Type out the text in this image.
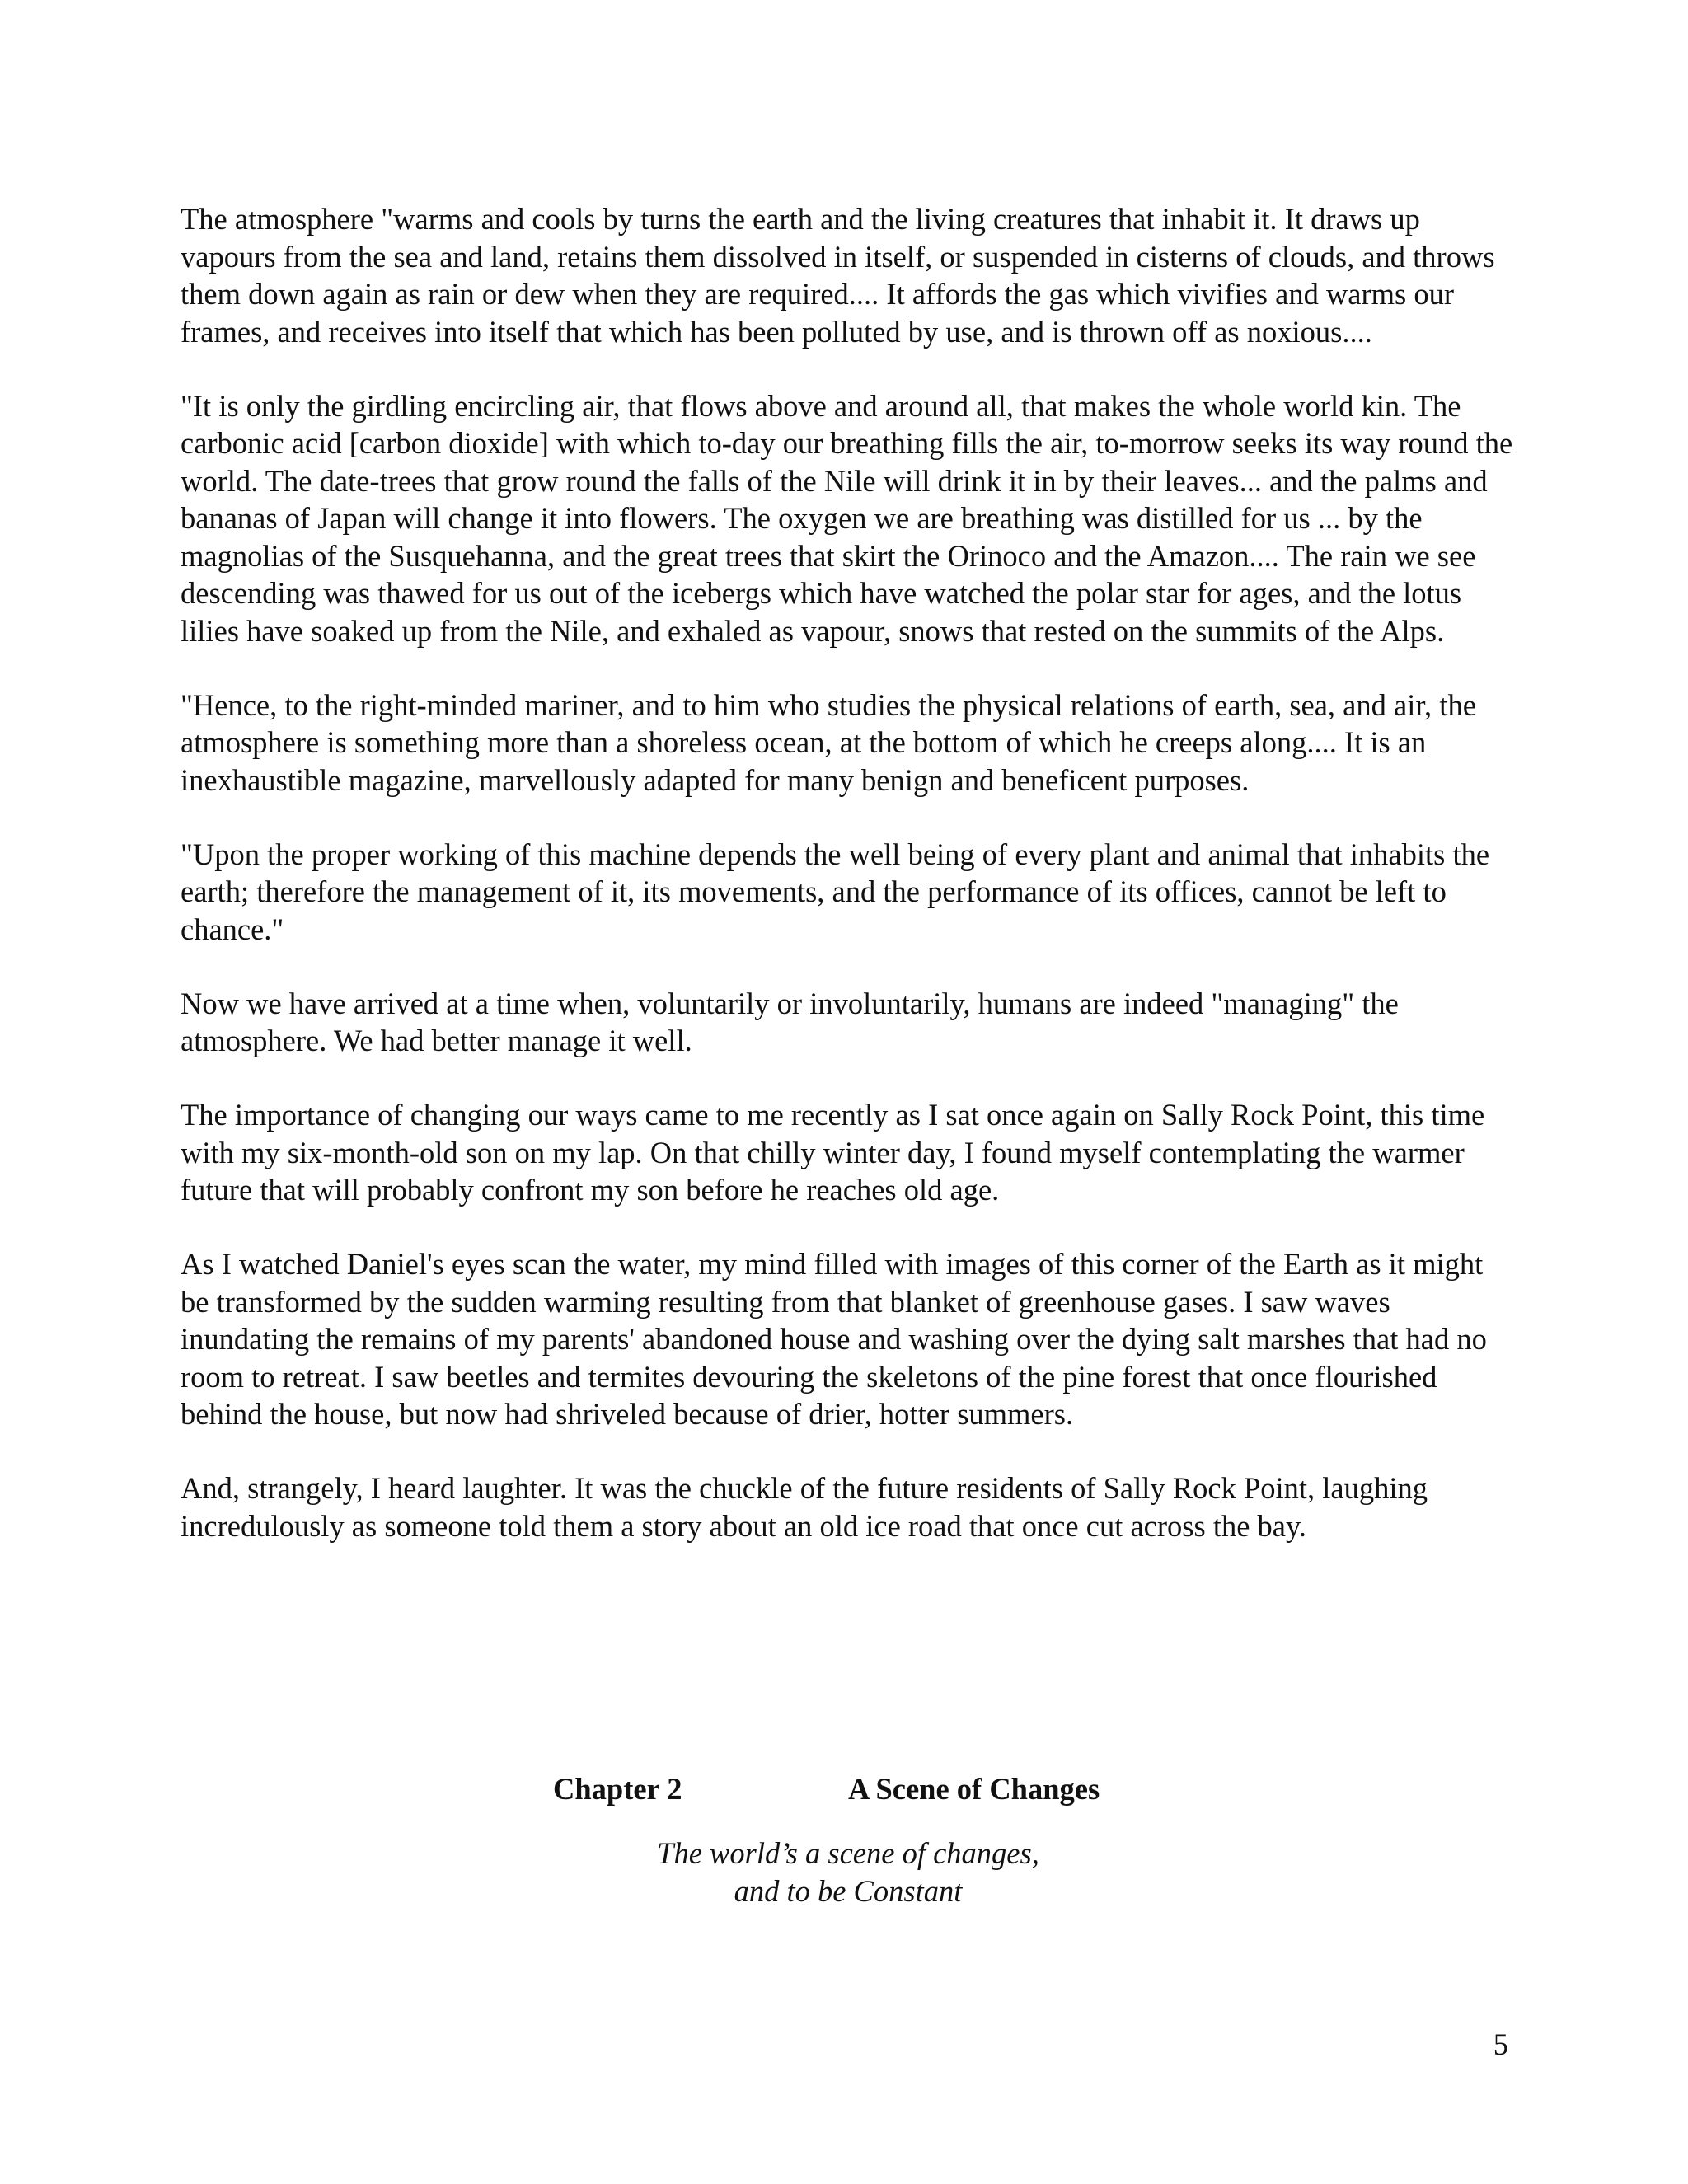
The atmosphere "warms and cools by turns the earth and the living creatures that inhabit it. It draws up vapours from the sea and land, retains them dissolved in itself, or suspended in cisterns of clouds, and throws them down again as rain or dew when they are required.... It affords the gas which vivifies and warms our frames, and receives into itself that which has been polluted by use, and is thrown off as noxious....

"It is only the girdling encircling air, that flows above and around all, that makes the whole world kin. The carbonic acid [carbon dioxide] with which to-day our breathing fills the air, to-morrow seeks its way round the world. The date-trees that grow round the falls of the Nile will drink it in by their leaves... and the palms and bananas of Japan will change it into flowers. The oxygen we are breathing was distilled for us ... by the magnolias of the Susquehanna, and the great trees that skirt the Orinoco and the Amazon.... The rain we see descending was thawed for us out of the icebergs which have watched the polar star for ages, and the lotus lilies have soaked up from the Nile, and exhaled as vapour, snows that rested on the summits of the Alps.

"Hence, to the right-minded mariner, and to him who studies the physical relations of earth, sea, and air, the atmosphere is something more than a shoreless ocean, at the bottom of which he creeps along.... It is an inexhaustible magazine, marvellously adapted for many benign and beneficent purposes.

"Upon the proper working of this machine depends the well being of every plant and animal that inhabits the earth; therefore the management of it, its movements, and the performance of its offices, cannot be left to chance."

Now we have arrived at a time when, voluntarily or involuntarily, humans are indeed "managing" the atmosphere. We had better manage it well.

The importance of changing our ways came to me recently as I sat once again on Sally Rock Point, this time with my six-month-old son on my lap. On that chilly winter day, I found myself contemplating the warmer future that will probably confront my son before he reaches old age.

As I watched Daniel's eyes scan the water, my mind filled with images of this corner of the Earth as it might be transformed by the sudden warming resulting from that blanket of greenhouse gases. I saw waves inundating the remains of my parents' abandoned house and washing over the dying salt marshes that had no room to retreat. I saw beetles and termites devouring the skeletons of the pine forest that once flourished behind the house, but now had shriveled because of drier, hotter summers.

And, strangely, I heard laughter. It was the chuckle of the future residents of Sally Rock Point, laughing incredulously as someone told them a story about an old ice road that once cut across the bay.

Chapter 2	A Scene of Changes

The world’s a scene of changes,
and to be Constant

5
